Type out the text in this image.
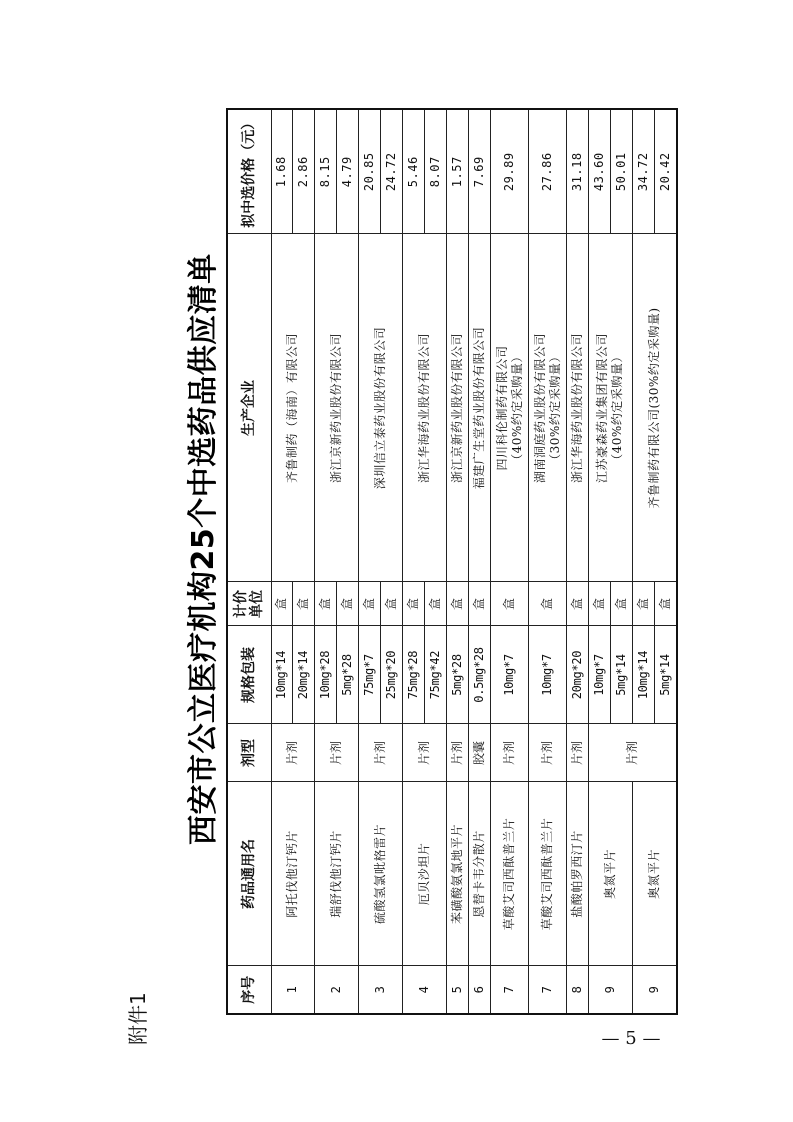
附件1
西安市公立医疗机构25个中选药品供应清单
序号	药品通用名	剂型	规格包装	计价单位	生产企业	拟中选价格（元）
1	阿托伐他汀钙片	片剂	10mg*14	盒	齐鲁制药（海南）有限公司	1.68
			20mg*14	盒		2.86
2	瑞舒伐他汀钙片	片剂	10mg*28	盒	浙江京新药业股份有限公司	8.15
			5mg*28	盒		4.79
3	硫酸氢氯吡格雷片	片剂	75mg*7	盒	深圳信立泰药业股份有限公司	20.85
			25mg*20	盒		24.72
4	厄贝沙坦片	片剂	75mg*28	盒	浙江华海药业股份有限公司	5.46
			75mg*42	盒		8.07
5	苯磺酸氨氯地平片	片剂	5mg*28	盒	浙江京新药业股份有限公司	1.57
6	恩替卡韦分散片	胶囊	0.5mg*28	盒	福建广生堂药业股份有限公司	7.69
7	草酸艾司西酞普兰片	片剂	10mg*7	盒	四川科伦制药有限公司 （40%约定采购量）	29.89
7	草酸艾司西酞普兰片	片剂	10mg*7	盒	湖南洞庭药业股份有限公司 （30%约定采购量）	27.86
8	盐酸帕罗西汀片	片剂	20mg*20	盒	浙江华海药业股份有限公司	31.18
9	奥氮平片	片剂	10mg*7	盒	江苏豪森药业集团有限公司 （40%约定采购量）	43.60
			5mg*14	盒		50.01
9	奥氮平片		10mg*14	盒	齐鲁制药有限公司(30%约定采购量)	34.72
			5mg*14	盒		20.42
— 5 —
